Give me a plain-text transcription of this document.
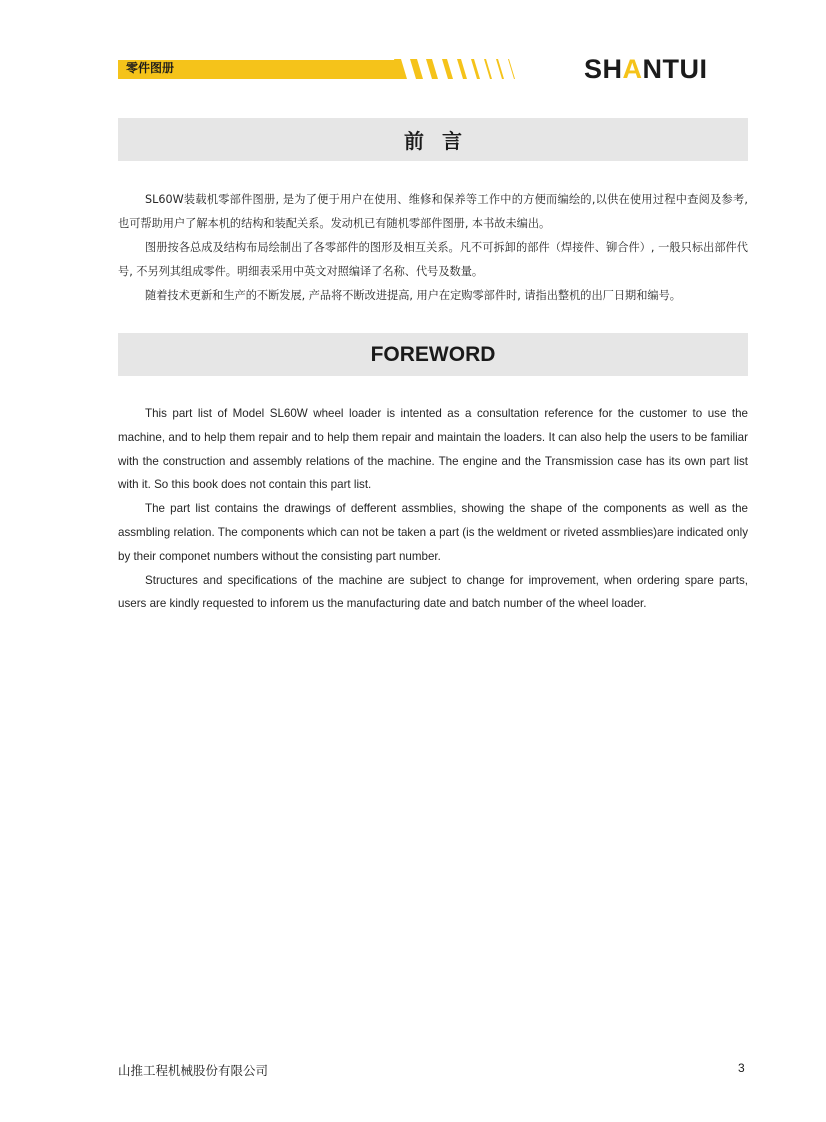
零件图册	SHANTUI
前言

SL60W装载机零部件图册, 是为了便于用户在使用、维修和保养等工作中的方便而编绘的,以供在使用过程中查阅及参考, 也可帮助用户了解本机的结构和装配关系。发动机已有随机零部件图册, 本书故未编出。

图册按各总成及结构布局绘制出了各零部件的图形及相互关系。凡不可拆卸的部件（焊接件、铆合件）, 一般只标出部件代号, 不另列其组成零件。明细表采用中英文对照编译了名称、代号及数量。

随着技术更新和生产的不断发展, 产品将不断改进提高, 用户在定购零部件时, 请指出整机的出厂日期和编号。

FOREWORD

This part list of Model SL60W wheel loader is intented as a consultation reference for the customer to use the machine, and to help them repair and to help them repair and maintain the loaders. It can also help the users to be familiar with the construction and assembly relations of the machine. The engine and the Transmission case has its own part list with it. So this book does not contain this part list.

The part list contains the drawings of defferent assmblies, showing the shape of the components as well as the assmbling relation. The components which can not be taken a part (is the weldment or riveted assmblies)are indicated only by their componet numbers without the consisting part number.

Structures and specifications of the machine are subject to change for improvement, when ordering spare parts, users are kindly requested to inforem us the manufacturing date and batch number of the wheel loader.

山推工程机械股份有限公司	3
